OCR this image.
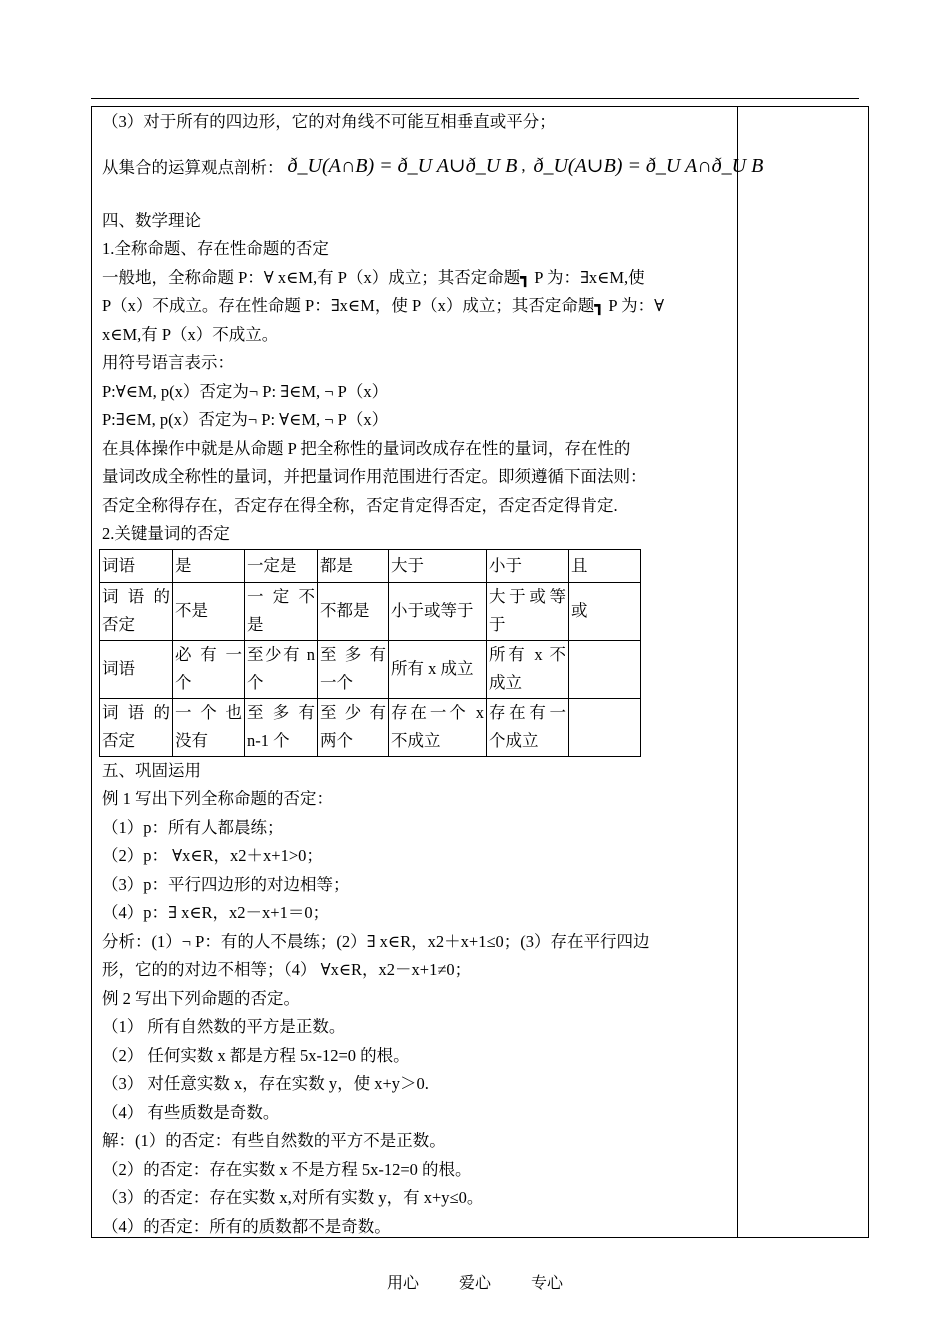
（3）对于所有的四边形，它的对角线不可能互相垂直或平分；
从集合的运算观点剖析： ð_U(A∩B) = ð_U A∪ð_U B , ð_U(A∪B) = ð_U A∩ð_U B
四、数学理论
1.全称命题、存在性命题的否定
一般地，全称命题 P：∀ x∈M,有 P（x）成立；其否定命题┓ P 为：∃x∈M,使
P（x）不成立。存在性命题 P：∃x∈M，使 P（x）成立；其否定命题┓ P 为：∀
x∈M,有 P（x）不成立。
用符号语言表示：
P:∀∈M, p(x）否定为¬ P: ∃∈M, ¬ P（x）
P:∃∈M, p(x）否定为¬ P: ∀∈M, ¬ P（x）
在具体操作中就是从命题 P 把全称性的量词改成存在性的量词，存在性的
量词改成全称性的量词，并把量词作用范围进行否定。即须遵循下面法则：
否定全称得存在，否定存在得全称，否定肯定得否定，否定否定得肯定.
2.关键量词的否定
词语	是	一定是	都是	大于	小于	且
词 语 的否定	不是	一 定 不是	不都是	小于或等于	大于或等于	或
词语	必 有 一个	至少有 n个	至 多 有一个	所有 x 成立	所有 x 不成立	
词 语 的否定	一 个 也没有	至 多 有n-1 个	至 少 有两个	存在一个 x不成立	存在有一个成立	
五、巩固运用
例 1 写出下列全称命题的否定：
（1）p：所有人都晨练；
（2）p： ∀x∈R，x2＋x+1>0；
（3）p：平行四边形的对边相等；
（4）p：∃ x∈R，x2－x+1＝0；
分析：(1）¬ P：有的人不晨练；(2）∃ x∈R，x2＋x+1≤0；(3）存在平行四边
形，它的的对边不相等；（4） ∀x∈R，x2－x+1≠0；
例 2 写出下列命题的否定。
（1） 所有自然数的平方是正数。
（2） 任何实数 x 都是方程 5x-12=0 的根。
（3） 对任意实数 x，存在实数 y，使 x+y＞0.
（4） 有些质数是奇数。
解：(1）的否定：有些自然数的平方不是正数。
（2）的否定：存在实数 x 不是方程 5x-12=0 的根。
（3）的否定：存在实数 x,对所有实数 y，有 x+y≤0。
（4）的否定：所有的质数都不是奇数。
用心	爱心	专心
